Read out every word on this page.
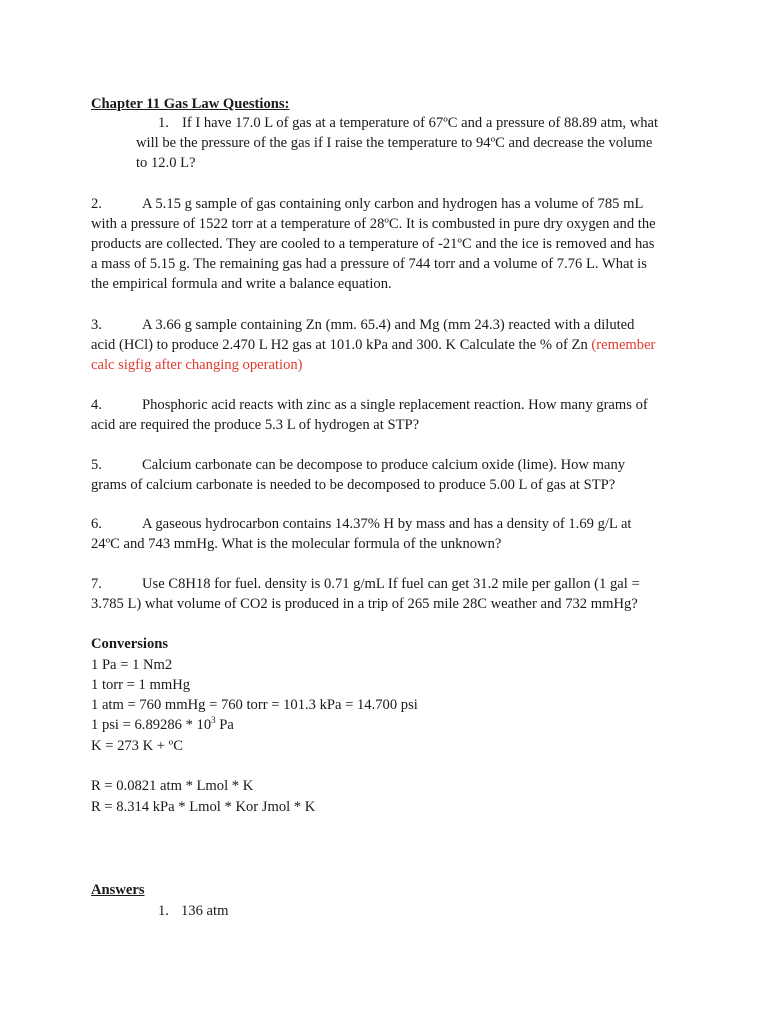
Chapter 11 Gas Law Questions:
1. If I have 17.0 L of gas at a temperature of 67ºC and a pressure of 88.89 atm, what
will be the pressure of the gas if I raise the temperature to 94ºC and decrease the volume
to 12.0 L?
2.	A 5.15 g sample of gas containing only carbon and hydrogen has a volume of 785 mL
with a pressure of 1522 torr at a temperature of 28ºC. It is combusted in pure dry oxygen and the
products are collected. They are cooled to a temperature of -21ºC and the ice is removed and has
a mass of 5.15 g. The remaining gas had a pressure of 744 torr and a volume of 7.76 L. What is
the empirical formula and write a balance equation.
3.	A 3.66 g sample containing Zn (mm. 65.4) and Mg (mm 24.3) reacted with a diluted
acid (HCl) to produce 2.470 L H2 gas at 101.0 kPa and 300. K Calculate the % of Zn (remember
calc sigfig after changing operation)
4.	Phosphoric acid reacts with zinc as a single replacement reaction. How many grams of
acid are required the produce 5.3 L of hydrogen at STP?
5.	Calcium carbonate can be decompose to produce calcium oxide (lime). How many
grams of calcium carbonate is needed to be decomposed to produce 5.00 L of gas at STP?
6.	A gaseous hydrocarbon contains 14.37% H by mass and has a density of 1.69 g/L at
24ºC and 743 mmHg. What is the molecular formula of the unknown?
7.	Use C8H18 for fuel. density is 0.71 g/mL If fuel can get 31.2 mile per gallon (1 gal =
3.785 L) what volume of CO2 is produced in a trip of 265 mile 28C weather and 732 mmHg?
Conversions
1 Pa = 1 Nm2
1 torr = 1 mmHg
1 atm = 760 mmHg = 760 torr = 101.3 kPa = 14.700 psi
1 psi = $6.89286 * 10^3$ Pa
K = 273 K + ºC
R = 0.0821 atm * Lmol * K
R = 8.314 kPa * Lmol * Kor Jmol * K
Answers
1. 136 atm
